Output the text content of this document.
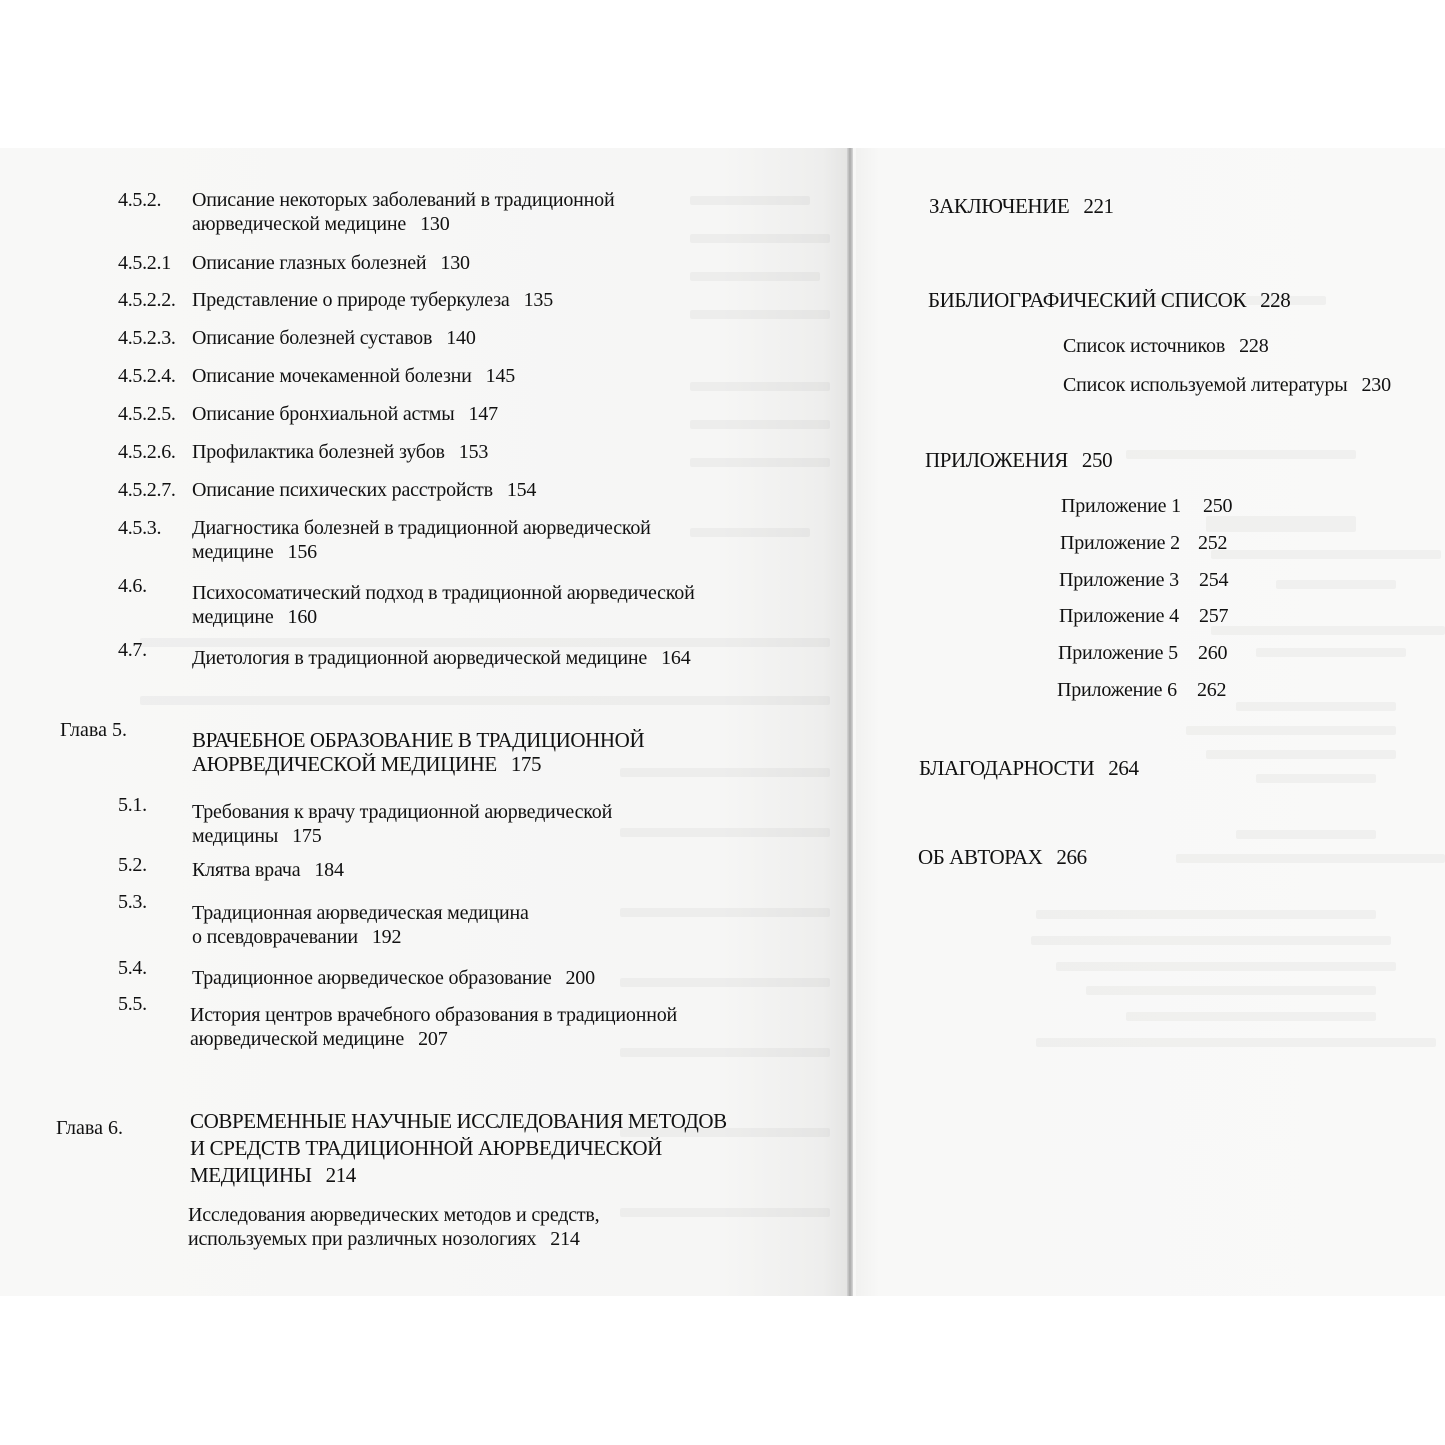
4.5.2. Описание некоторых заболеваний в традиционной
аюрведической медицине 130
4.5.2.1 Описание глазных болезней 130
4.5.2.2. Представление о природе туберкулеза 135
4.5.2.3. Описание болезней суставов 140
4.5.2.4. Описание мочекаменной болезни 145
4.5.2.5. Описание бронхиальной астмы 147
4.5.2.6. Профилактика болезней зубов 153
4.5.2.7. Описание психических расстройств 154
4.5.3. Диагностика болезней в традиционной аюрведической
медицине 156
4.6. Психосоматический подход в традиционной аюрведической
медицине 160
4.7. Диетология в традиционной аюрведической медицине 164
Глава 5.	ВРАЧЕБНОЕ ОБРАЗОВАНИЕ В ТРАДИЦИОННОЙ
АЮРВЕДИЧЕСКОЙ МЕДИЦИНЕ 175
5.1. Требования к врачу традиционной аюрведической
медицины 175
5.2. Клятва врача 184
5.3. Традиционная аюрведическая медицина
о псевдоврачевании 192
5.4. Традиционное аюрведическое образование 200
5.5. История центров врачебного образования в традиционной
аюрведической медицине 207
Глава 6.	СОВРЕМЕННЫЕ НАУЧНЫЕ ИССЛЕДОВАНИЯ МЕТОДОВ
И СРЕДСТВ ТРАДИЦИОННОЙ АЮРВЕДИЧЕСКОЙ
МЕДИЦИНЫ 214
Исследования аюрведических методов и средств,
используемых при различных нозологиях 214
ЗАКЛЮЧЕНИЕ 221
БИБЛИОГРАФИЧЕСКИЙ СПИСОК 228
Список источников 228
Список используемой литературы 230
ПРИЛОЖЕНИЯ 250
Приложение 1 250
Приложение 2 252
Приложение 3 254
Приложение 4 257
Приложение 5 260
Приложение 6 262
БЛАГОДАРНОСТИ 264
ОБ АВТОРАХ 266
